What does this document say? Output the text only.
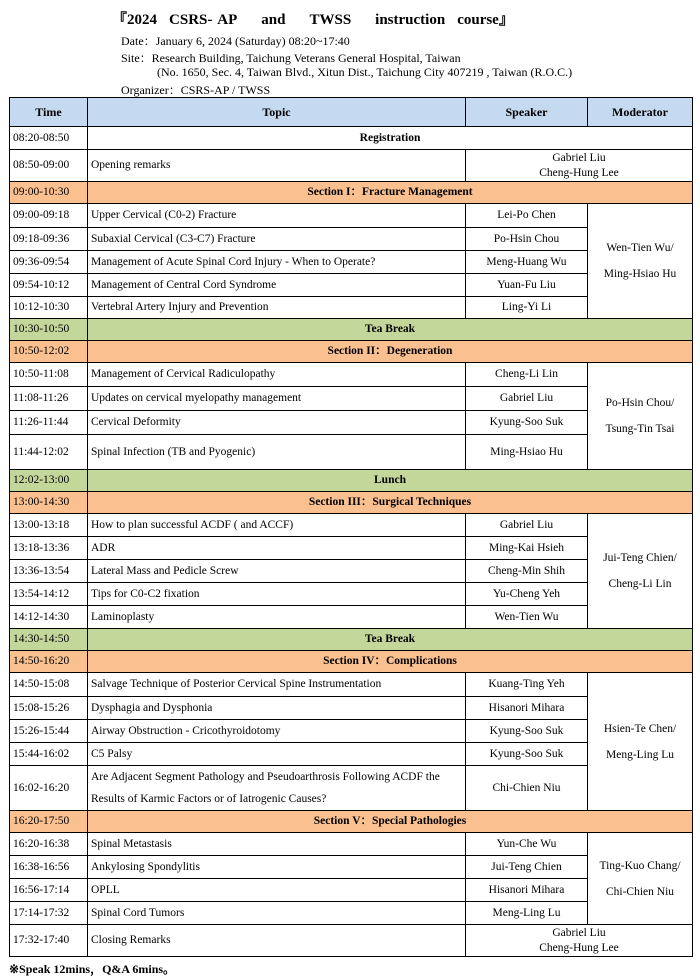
『2024 CSRS- AP and TWSS instruction course』
Date：January 6, 2024 (Saturday) 08:20~17:40
Site：Research Building, Taichung Veterans General Hospital, Taiwan
(No. 1650, Sec. 4, Taiwan Blvd., Xitun Dist., Taichung City 407219 , Taiwan (R.O.C.)
Organizer：CSRS-AP / TWSS
Time	Topic	Speaker	Moderator
08:20-08:50	Registration		
08:50-09:00	Opening remarks	Gabriel Liu
Cheng-Hung Lee	
09:00-10:30	Section I：Fracture Management		
09:00-09:18	Upper Cervical (C0-2) Fracture	Lei-Po Chen	Wen-Tien Wu/
Ming-Hsiao Hu
09:18-09:36	Subaxial Cervical (C3-C7) Fracture	Po-Hsin Chou	
09:36-09:54	Management of Acute Spinal Cord Injury - When to Operate?	Meng-Huang Wu	
09:54-10:12	Management of Central Cord Syndrome	Yuan-Fu Liu	
10:12-10:30	Vertebral Artery Injury and Prevention	Ling-Yi Li	
10:30-10:50	Tea Break		
10:50-12:02	Section II：Degeneration		
10:50-11:08	Management of Cervical Radiculopathy	Cheng-Li Lin	Po-Hsin Chou/
Tsung-Tin Tsai
11:08-11:26	Updates on cervical myelopathy management	Gabriel Liu	
11:26-11:44	Cervical Deformity	Kyung-Soo Suk	
11:44-12:02	Spinal Infection (TB and Pyogenic)	Ming-Hsiao Hu	
12:02-13:00	Lunch		
13:00-14:30	Section III：Surgical Techniques		
13:00-13:18	How to plan successful ACDF ( and ACCF)	Gabriel Liu	Jui-Teng Chien/
Cheng-Li Lin
13:18-13:36	ADR	Ming-Kai Hsieh	
13:36-13:54	Lateral Mass and Pedicle Screw	Cheng-Min Shih	
13:54-14:12	Tips for C0-C2 fixation	Yu-Cheng Yeh	
14:12-14:30	Laminoplasty	Wen-Tien Wu	
14:30-14:50	Tea Break		
14:50-16:20	Section IV：Complications		
14:50-15:08	Salvage Technique of Posterior Cervical Spine Instrumentation	Kuang-Ting Yeh	Hsien-Te Chen/
Meng-Ling Lu
15:08-15:26	Dysphagia and Dysphonia	Hisanori Mihara	
15:26-15:44	Airway Obstruction - Cricothyroidotomy	Kyung-Soo Suk	
15:44-16:02	C5 Palsy	Kyung-Soo Suk	
16:02-16:20	Are Adjacent Segment Pathology and Pseudoarthrosis Following ACDF the Results of Karmic Factors or of Iatrogenic Causes?	Chi-Chien Niu	
16:20-17:50	Section V：Special Pathologies		
16:20-16:38	Spinal Metastasis	Yun-Che Wu	Ting-Kuo Chang/
Chi-Chien Niu
16:38-16:56	Ankylosing Spondylitis	Jui-Teng Chien	
16:56-17:14	OPLL	Hisanori Mihara	
17:14-17:32	Spinal Cord Tumors	Meng-Ling Lu	
17:32-17:40	Closing Remarks	Gabriel Liu
Cheng-Hung Lee	
※Speak 12mins，Q&A 6mins。
